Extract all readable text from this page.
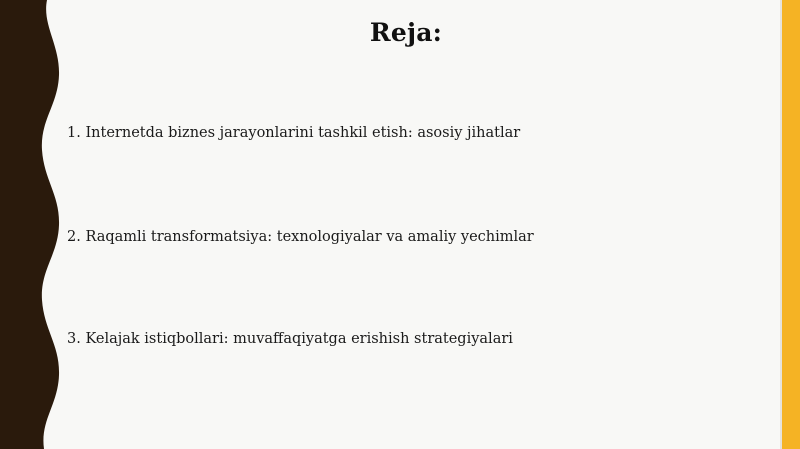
Reja:
1. Internetda biznes jarayonlarini tashkil etish: asosiy jihatlar
2. Raqamli transformatsiya: texnologiyalar va amaliy yechimlar
3. Kelajak istiqbollari: muvaffaqiyatga erishish strategiyalari
